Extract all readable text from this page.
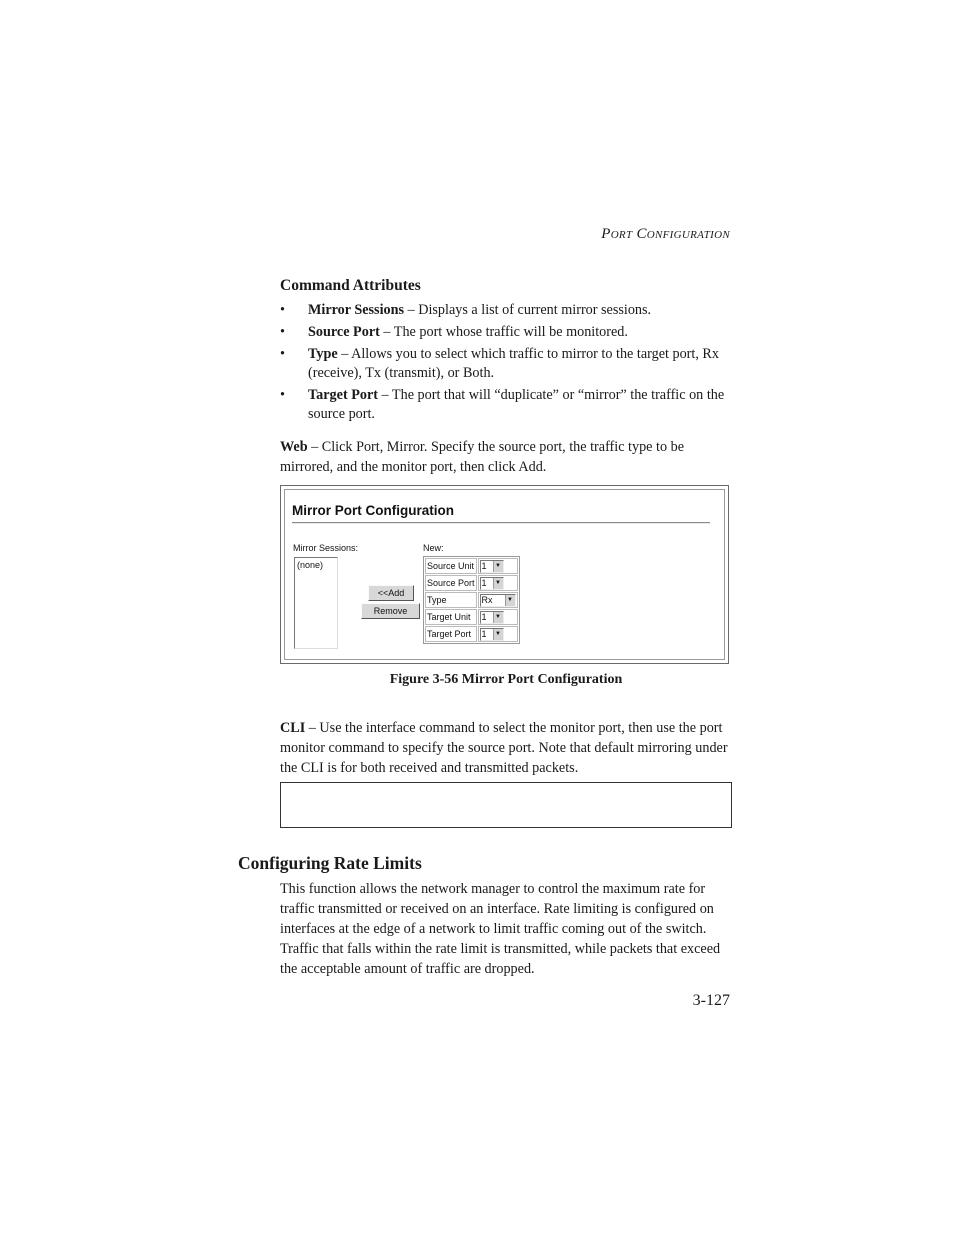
PORT CONFIGURATION
Command Attributes
• Mirror Sessions – Displays a list of current mirror sessions.
• Source Port – The port whose traffic will be monitored.
• Type – Allows you to select which traffic to mirror to the target port, Rx (receive), Tx (transmit), or Both.
• Target Port – The port that will “duplicate” or “mirror” the traffic on the source port.
Web – Click Port, Mirror. Specify the source port, the traffic type to be mirrored, and the monitor port, then click Add.
Mirror Port Configuration
Mirror Sessions:
(none)
<<Add
Remove
New:
Source Unit	1 ▼

Source Port	1 ▼

Type	Rx ▼

Target Unit	1 ▼

Target Port	1 ▼
Figure 3-56 Mirror Port Configuration
CLI – Use the interface command to select the monitor port, then use the port monitor command to specify the source port. Note that default mirroring under the CLI is for both received and transmitted packets.
Configuring Rate Limits
This function allows the network manager to control the maximum rate for traffic transmitted or received on an interface. Rate limiting is configured on interfaces at the edge of a network to limit traffic coming out of the switch. Traffic that falls within the rate limit is transmitted, while packets that exceed the acceptable amount of traffic are dropped.
3-127
